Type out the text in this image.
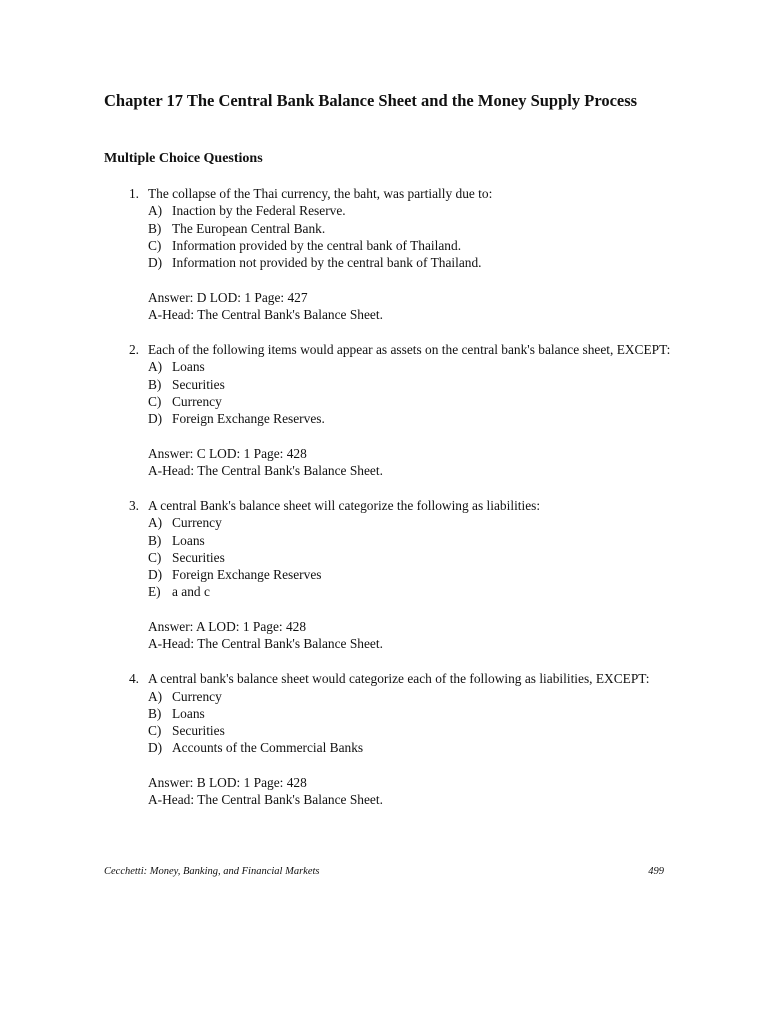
Chapter 17 The Central Bank Balance Sheet and the Money Supply Process
Multiple Choice Questions
1. The collapse of the Thai currency, the baht, was partially due to:
A) Inaction by the Federal Reserve.
B) The European Central Bank.
C) Information provided by the central bank of Thailand.
D) Information not provided by the central bank of Thailand.
Answer: D LOD: 1 Page: 427
A-Head: The Central Bank's Balance Sheet.
2. Each of the following items would appear as assets on the central bank's balance sheet, EXCEPT:
A) Loans
B) Securities
C) Currency
D) Foreign Exchange Reserves.
Answer: C LOD: 1 Page: 428
A-Head: The Central Bank's Balance Sheet.
3. A central Bank's balance sheet will categorize the following as liabilities:
A) Currency
B) Loans
C) Securities
D) Foreign Exchange Reserves
E) a and c
Answer: A LOD: 1 Page: 428
A-Head: The Central Bank's Balance Sheet.
4. A central bank's balance sheet would categorize each of the following as liabilities, EXCEPT:
A) Currency
B) Loans
C) Securities
D) Accounts of the Commercial Banks
Answer: B LOD: 1 Page: 428
A-Head: The Central Bank's Balance Sheet.
Cecchetti: Money, Banking, and Financial Markets	499
